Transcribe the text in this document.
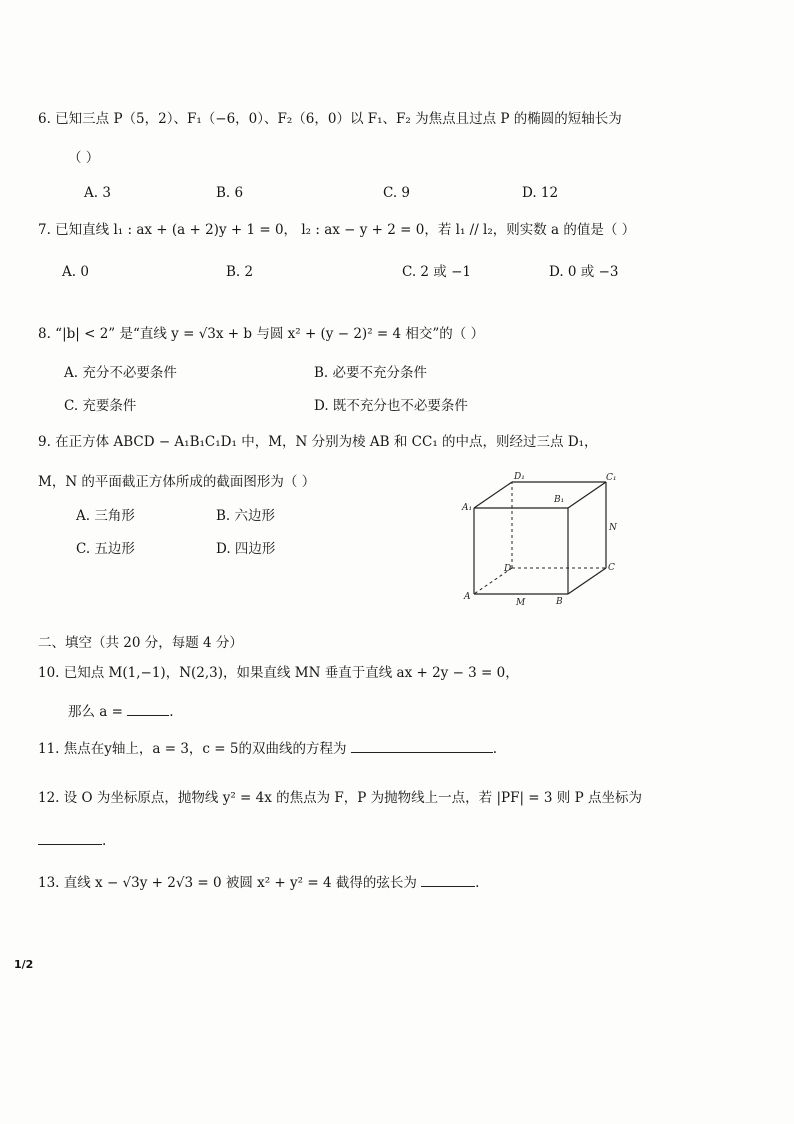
6. 已知三点 P（5，2）、F₁（−6，0）、F₂（6，0）以 F₁、F₂ 为焦点且过点 P 的椭圆的短轴长为
（ ）
A. 3	B. 6	C. 9	D. 12
7. 已知直线 l₁ : ax + (a + 2)y + 1 = 0， l₂ : ax − y + 2 = 0，若 l₁ // l₂，则实数 a 的值是（ ）
A. 0	B. 2	C. 2 或 −1	D. 0 或 −3
8. “|b| < 2” 是“直线 y = √3x + b 与圆 x² + (y − 2)² = 4 相交”的（ ）
A. 充分不必要条件	B. 必要不充分条件
C. 充要条件	D. 既不充分也不必要条件
9. 在正方体 ABCD − A₁B₁C₁D₁ 中，M，N 分别为棱 AB 和 CC₁ 的中点，则经过三点 D₁，
M，N 的平面截正方体所成的截面图形为（ ）
A. 三角形	B. 六边形
C. 五边形	D. 四边形
D₁	C₁
B₁
A₁
N
D	C
A
M	B
二、填空（共 20 分，每题 4 分）
10. 已知点 M(1,−1)，N(2,3)，如果直线 MN 垂直于直线 ax + 2y − 3 = 0，
那么 a =	.
11. 焦点在y轴上，a = 3，c = 5的双曲线的方程为	.
12. 设 O 为坐标原点，抛物线 y² = 4x 的焦点为 F，P 为抛物线上一点，若 |PF| = 3 则 P 点坐标为
.
13. 直线 x − √3y + 2√3 = 0 被圆 x² + y² = 4 截得的弦长为	.
1/2
